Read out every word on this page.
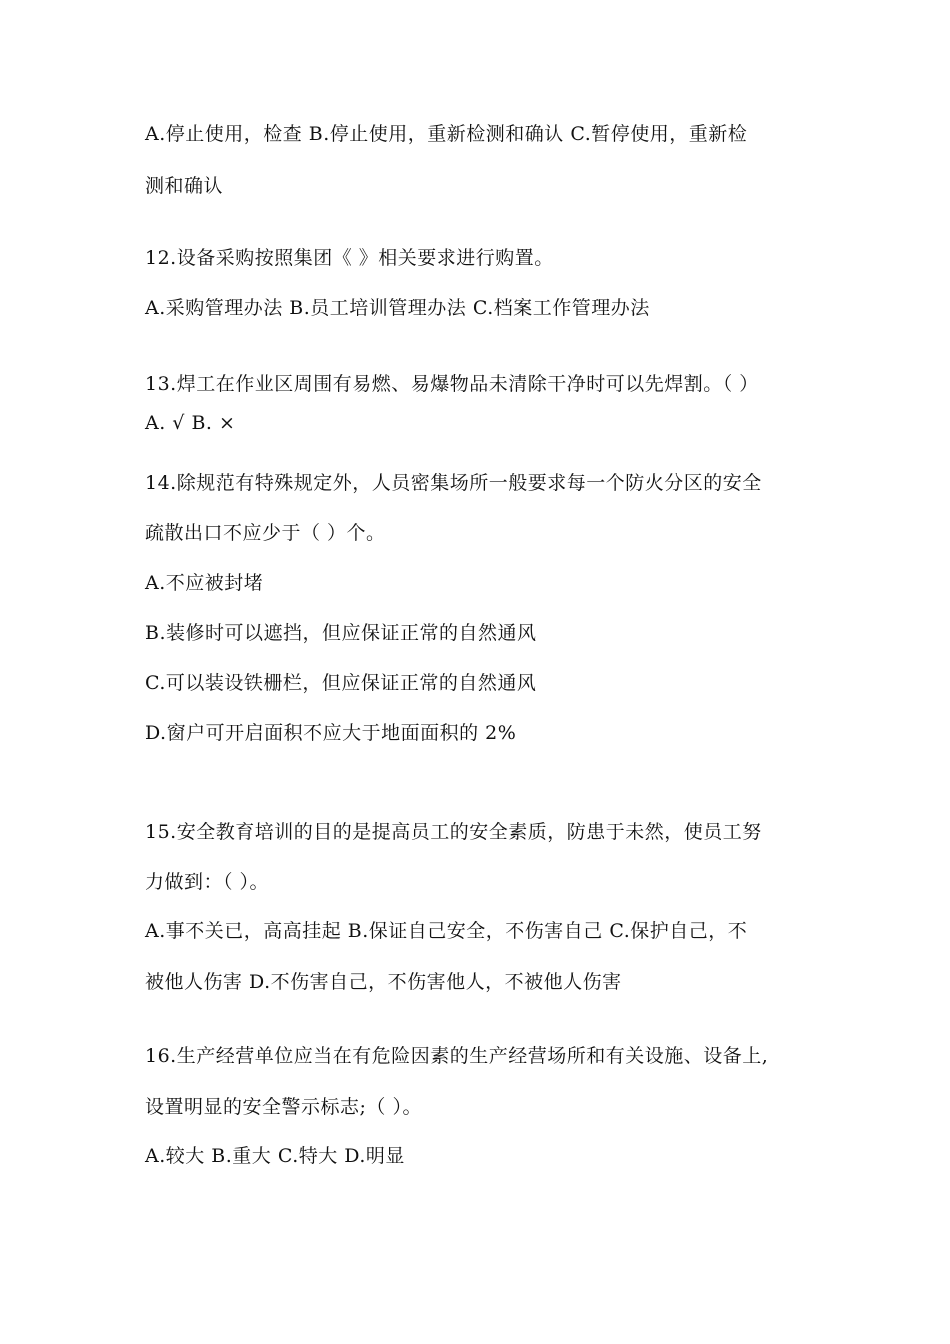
A.停止使用，检查 B.停止使用，重新检测和确认 C.暂停使用，重新检
测和确认
12.设备采购按照集团《 》相关要求进行购置。
A.采购管理办法 B.员工培训管理办法 C.档案工作管理办法
13.焊工在作业区周围有易燃、易爆物品未清除干净时可以先焊割。（ ）
A. √ B. ×
14.除规范有特殊规定外，人员密集场所一般要求每一个防火分区的安全
疏散出口不应少于（ ）个。
A.不应被封堵
B.装修时可以遮挡，但应保证正常的自然通风
C.可以装设铁栅栏，但应保证正常的自然通风
D.窗户可开启面积不应大于地面面积的 2%
15.安全教育培训的目的是提高员工的安全素质，防患于未然，使员工努
力做到：（ ）。
A.事不关已，高高挂起 B.保证自己安全，不伤害自己 C.保护自己，不
被他人伤害 D.不伤害自己，不伤害他人，不被他人伤害
16.生产经营单位应当在有危险因素的生产经营场所和有关设施、设备上,
设置明显的安全警示标志;（ ）。
A.较大 B.重大 C.特大 D.明显
